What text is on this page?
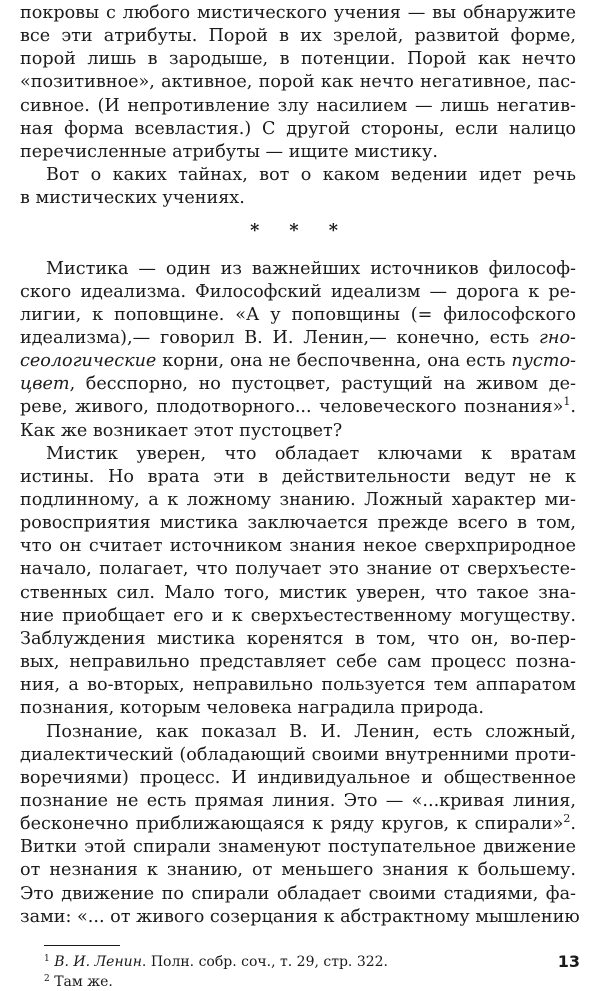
покровы с любого мистического учения — вы обнаружите
все эти атрибуты. Порой в их зрелой, развитой форме,
порой лишь в зародыше, в потенции. Порой как нечто
«позитивное», активное, порой как нечто негативное, пас-
сивное. (И непротивление злу насилием — лишь негатив-
ная форма всевластия.) С другой стороны, если налицо
перечисленные атрибуты — ищите мистику.
Вот о каких тайнах, вот о каком ведении идет речь
в мистических учениях.
* * *
Мистика — один из важнейших источников философ-
ского идеализма. Философский идеализм — дорога к ре-
лигии, к поповщине. «А у поповщины (= философского
идеализма),— говорил В. И. Ленин,— конечно, есть гно-
сеологические корни, она не беспочвенна, она есть пусто-
цвет, бесспорно, но пустоцвет, растущий на живом де-
реве, живого, плодотворного... человеческого познания»$^1$.
Как же возникает этот пустоцвет?
Мистик уверен, что обладает ключами к вратам
истины. Но врата эти в действительности ведут не к
подлинному, а к ложному знанию. Ложный характер ми-
ровосприятия мистика заключается прежде всего в том,
что он считает источником знания некое сверхприродное
начало, полагает, что получает это знание от сверхъесте-
ственных сил. Мало того, мистик уверен, что такое зна-
ние приобщает его и к сверхъестественному могуществу.
Заблуждения мистика коренятся в том, что он, во-пер-
вых, неправильно представляет себе сам процесс позна-
ния, а во-вторых, неправильно пользуется тем аппаратом
познания, которым человека наградила природа.
Познание, как показал В. И. Ленин, есть сложный,
диалектический (обладающий своими внутренними проти-
воречиями) процесс. И индивидуальное и общественное
познание не есть прямая линия. Это — «...кривая линия,
бесконечно приближающаяся к ряду кругов, к спирали»$^2$.
Витки этой спирали знаменуют поступательное движение
от незнания к знанию, от меньшего знания к большему.
Это движение по спирали обладает своими стадиями, фа-
зами: «... от живого созерцания к абстрактному мышлению
$^1$ В. И. Ленин. Полн. собр. соч., т. 29, стр. 322.
$^2$ Там же.
13
